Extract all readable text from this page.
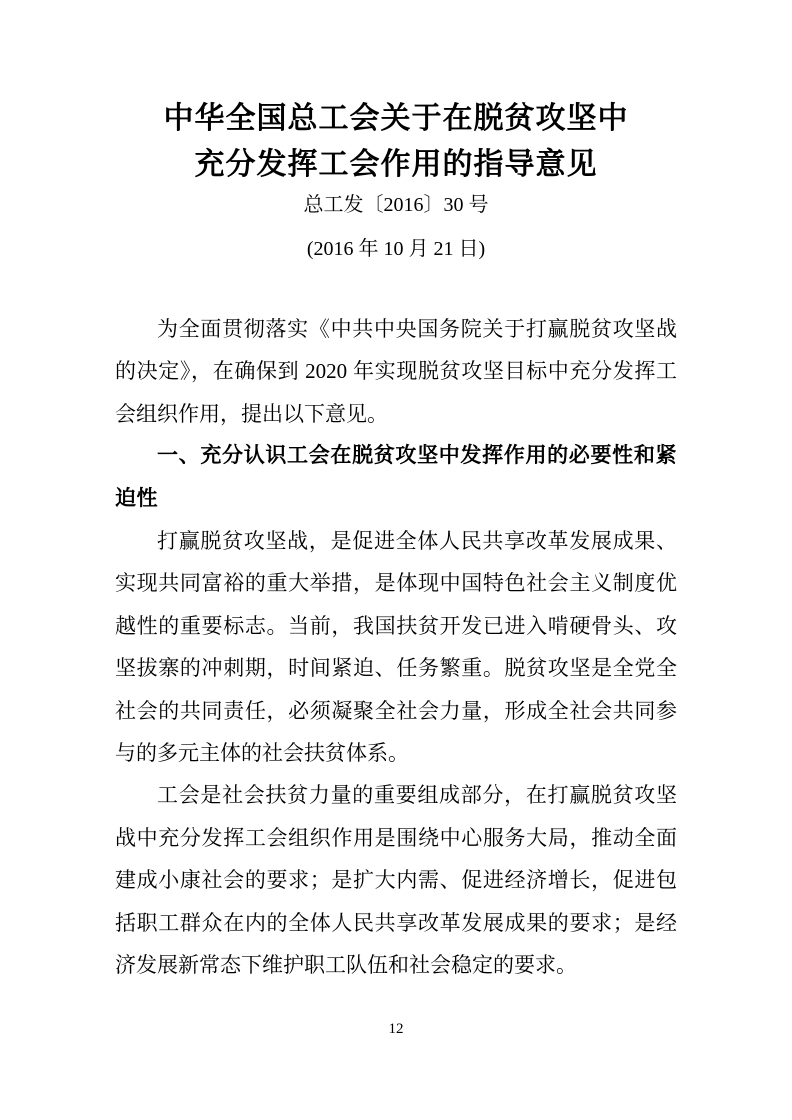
中华全国总工会关于在脱贫攻坚中
充分发挥工会作用的指导意见
总工发〔2016〕30 号
(2016 年 10 月 21 日)

为全面贯彻落实《中共中央国务院关于打赢脱贫攻坚战的决定》，在确保到 2020 年实现脱贫攻坚目标中充分发挥工会组织作用，提出以下意见。

一、充分认识工会在脱贫攻坚中发挥作用的必要性和紧迫性

打赢脱贫攻坚战，是促进全体人民共享改革发展成果、实现共同富裕的重大举措，是体现中国特色社会主义制度优越性的重要标志。当前，我国扶贫开发已进入啃硬骨头、攻坚拔寨的冲刺期，时间紧迫、任务繁重。脱贫攻坚是全党全社会的共同责任，必须凝聚全社会力量，形成全社会共同参与的多元主体的社会扶贫体系。

工会是社会扶贫力量的重要组成部分，在打赢脱贫攻坚战中充分发挥工会组织作用是围绕中心服务大局，推动全面建成小康社会的要求；是扩大内需、促进经济增长，促进包括职工群众在内的全体人民共享改革发展成果的要求；是经济发展新常态下维护职工队伍和社会稳定的要求。

12
